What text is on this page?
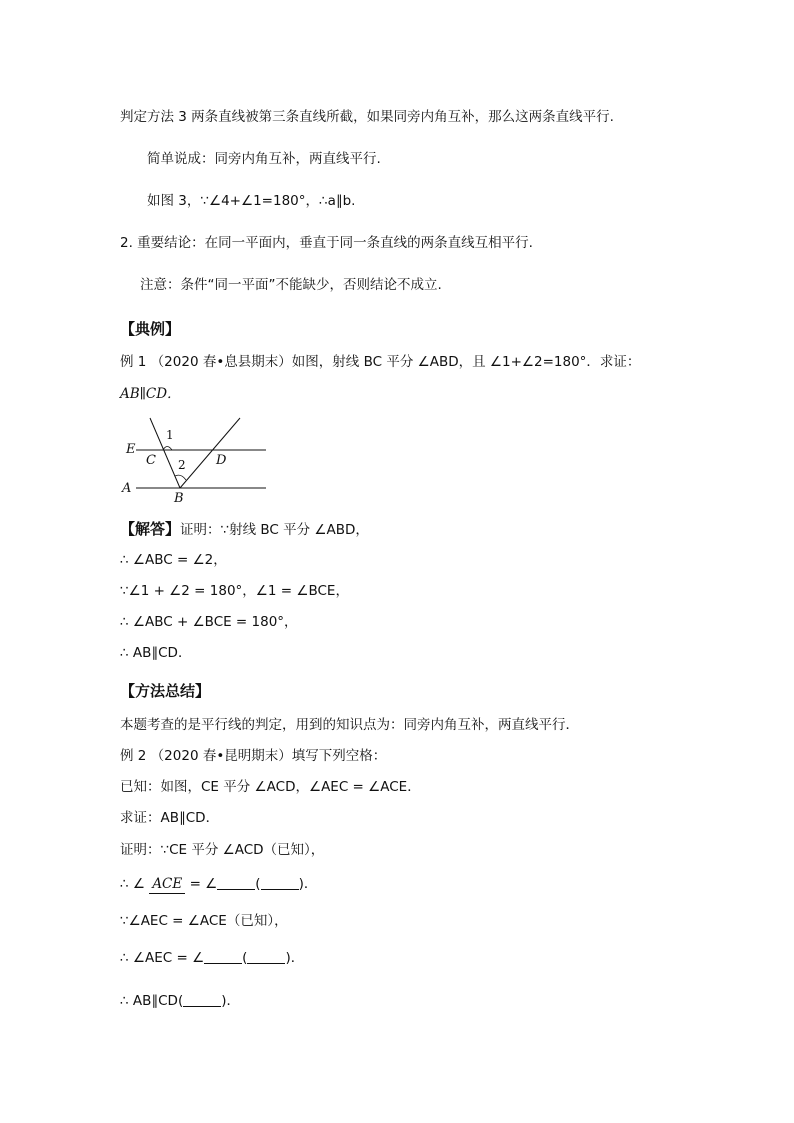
判定方法 3 两条直线被第三条直线所截，如果同旁内角互补，那么这两条直线平行.
简单说成：同旁内角互补，两直线平行.
如图 3，∵∠4+∠1=180°，∴a∥b.
2. 重要结论：在同一平面内，垂直于同一条直线的两条直线互相平行.
注意：条件“同一平面”不能缺少，否则结论不成立.
【典例】
例 1 （2020 春•息县期末）如图，射线 BC 平分 ∠ABD，且 ∠1+∠2=180°．求证：
AB∥CD．
E
C	D
A
B
1
2
【解答】证明：∵射线 BC 平分 ∠ABD，
∴ ∠ABC = ∠2，
∵∠1 + ∠2 = 180°，∠1 = ∠BCE，
∴ ∠ABC + ∠BCE = 180°，
∴ AB∥CD．
【方法总结】
本题考查的是平行线的判定，用到的知识点为：同旁内角互补，两直线平行．
例 2 （2020 春•昆明期末）填写下列空格：
已知：如图，CE 平分 ∠ACD，∠AEC = ∠ACE．
求证：AB∥CD．
证明：∵CE 平分 ∠ACD（已知），
∴ ∠ ACE = ∠	(	)．
∵∠AEC = ∠ACE（已知），
∴ ∠AEC = ∠	(	)．
∴ AB∥CD(	)．
